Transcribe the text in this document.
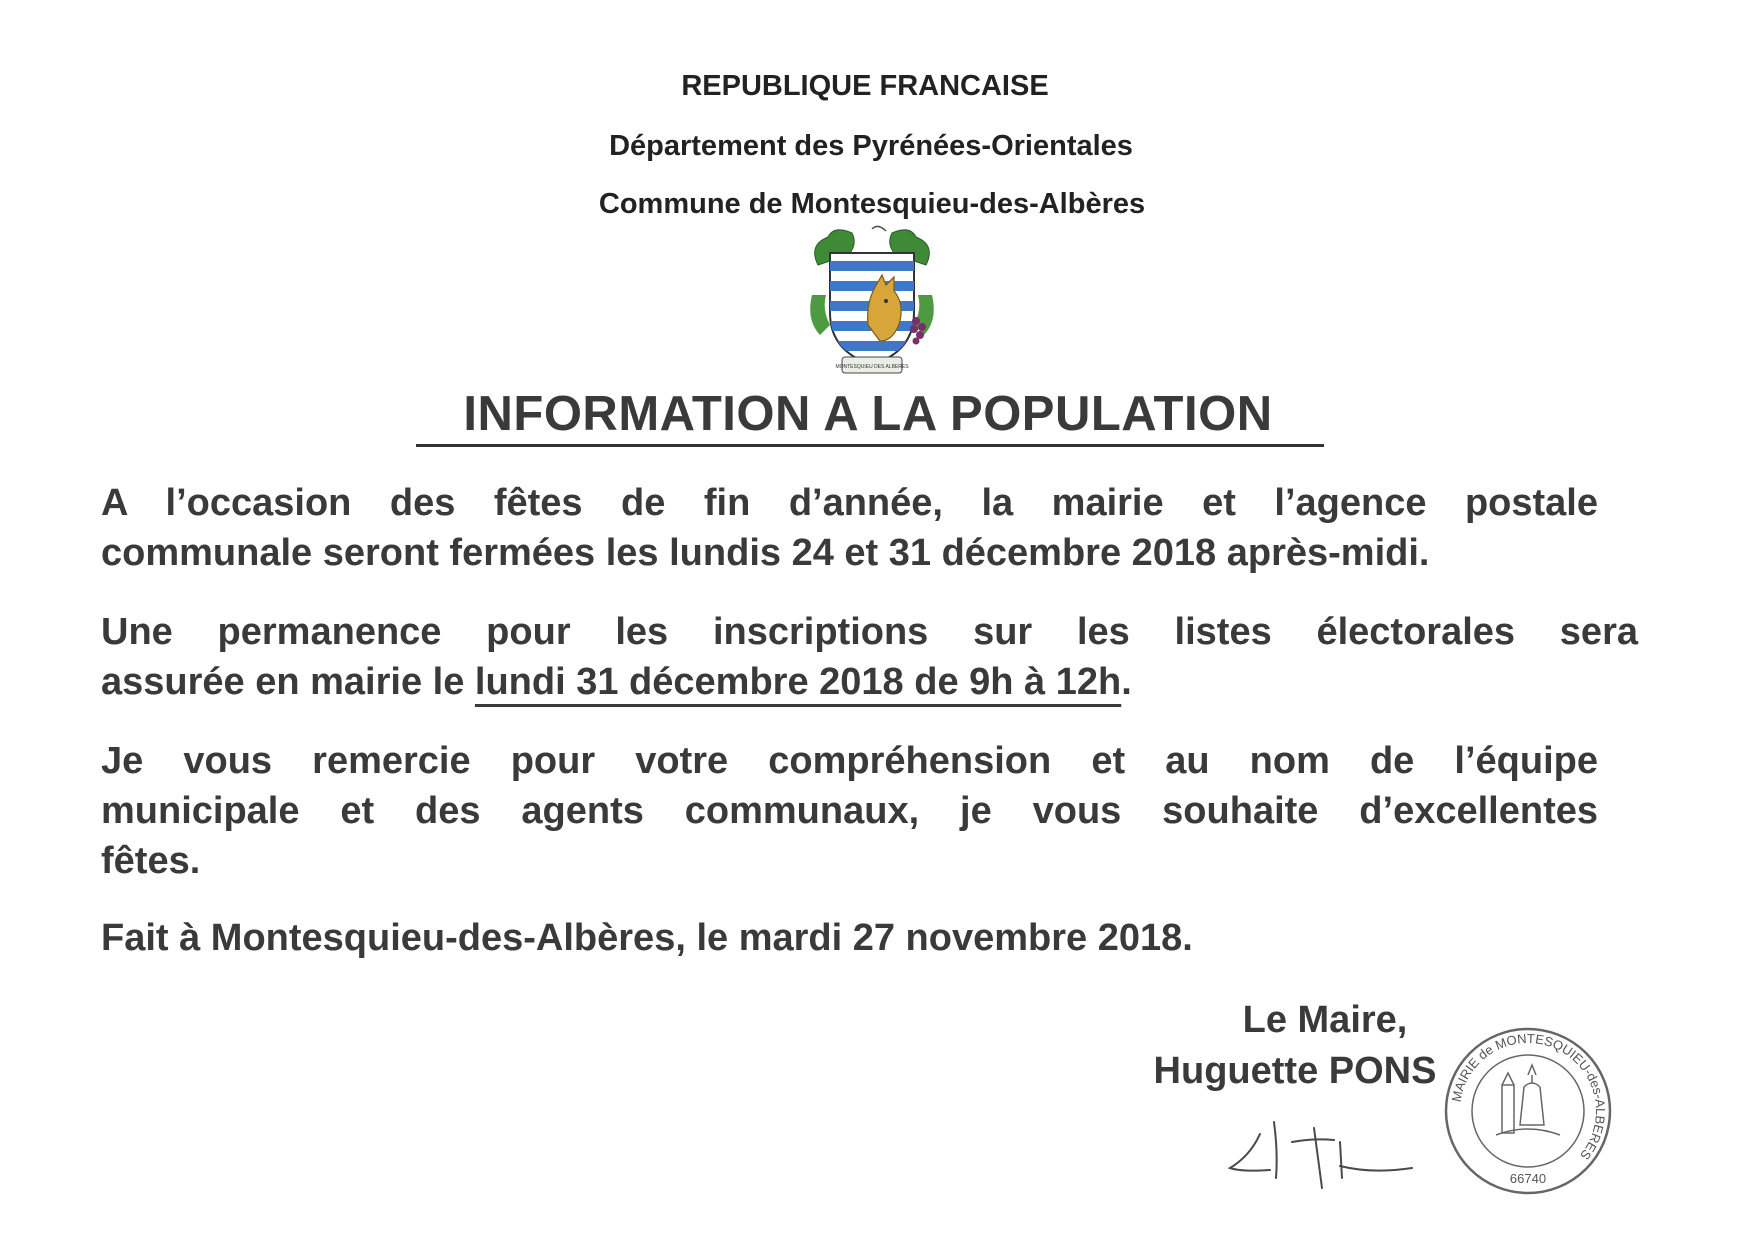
REPUBLIQUE FRANCAISE
Département des Pyrénées-Orientales
Commune de Montesquieu-des-Albères
MONTESQUIEU DES ALBERES
INFORMATION A LA POPULATION
A l’occasion des fêtes de fin d’année, la mairie et l’agence postale
communale seront fermées les lundis 24 et 31 décembre 2018 après-midi.
Une permanence pour les inscriptions sur les listes électorales sera
assurée en mairie le lundi 31 décembre 2018 de 9h à 12h.
Je vous remercie pour votre compréhension et au nom de l’équipe
municipale et des agents communaux, je vous souhaite d’excellentes
fêtes.
Fait à Montesquieu-des-Albères, le mardi 27 novembre 2018.
Le Maire,
Huguette PONS
MAIRIE de MONTESQUIEU-des-ALBERES
66740
